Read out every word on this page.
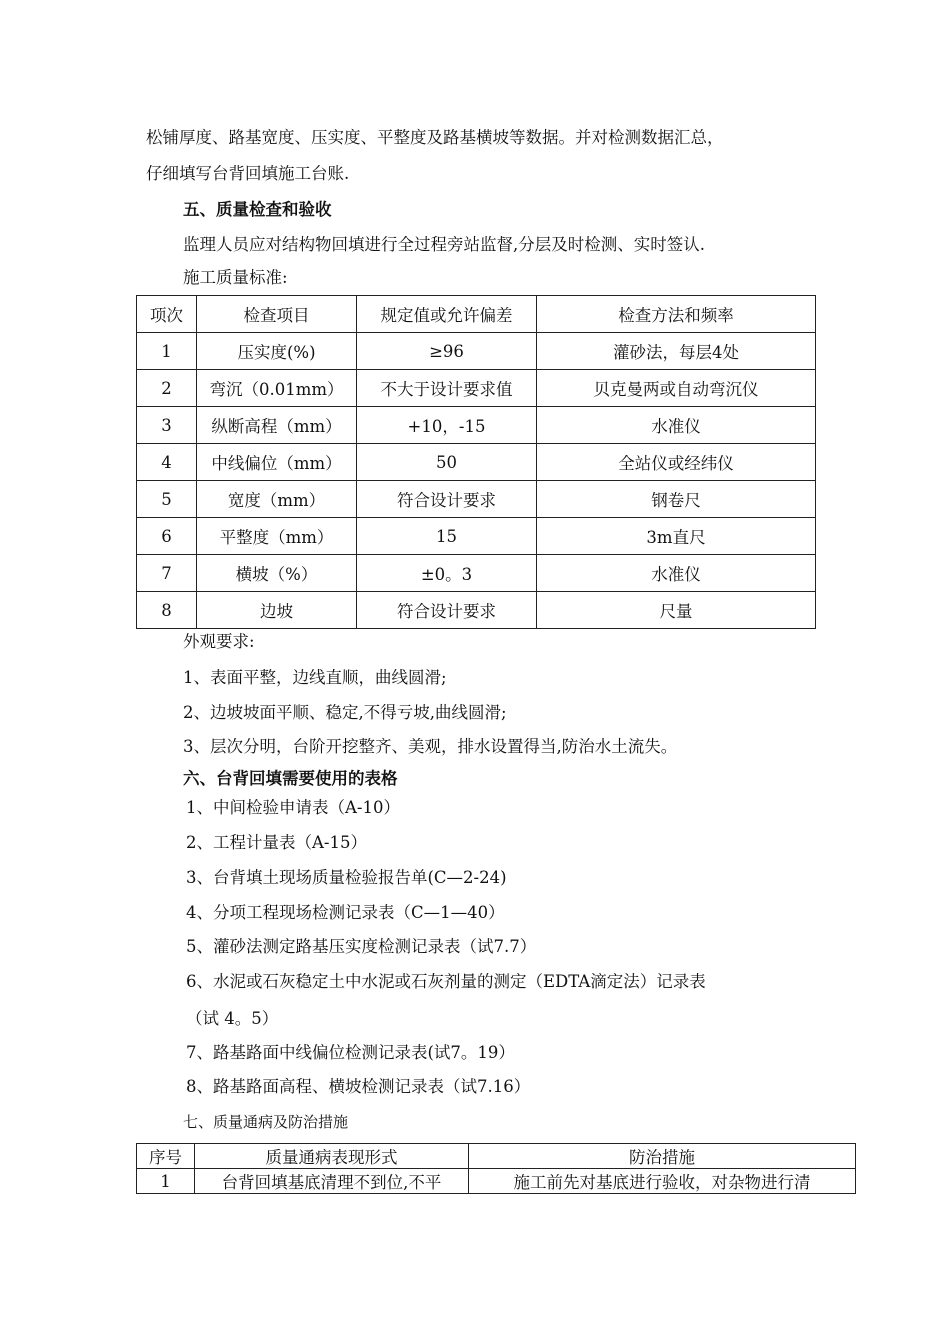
松铺厚度、路基宽度、压实度、平整度及路基横坡等数据。并对检测数据汇总，
仔细填写台背回填施工台账.
五、质量检查和验收
监理人员应对结构物回填进行全过程旁站监督,分层及时检测、实时签认.
施工质量标准:
项次	检查项目	规定值或允许偏差	检查方法和频率
1	压实度(%)	≥96	灌砂法，每层4处
2	弯沉（0.01mm）	不大于设计要求值	贝克曼两或自动弯沉仪
3	纵断高程（mm）	+10，-15	水准仪
4	中线偏位（mm）	50	全站仪或经纬仪
5	宽度（mm）	符合设计要求	钢卷尺
6	平整度（mm）	15	3m直尺
7	横坡（%）	±0。3	水准仪
8	边坡	符合设计要求	尺量
外观要求:
1、表面平整，边线直顺，曲线圆滑;
2、边坡坡面平顺、稳定,不得亏坡,曲线圆滑;
3、层次分明，台阶开挖整齐、美观，排水设置得当,防治水土流失。
六、台背回填需要使用的表格
1、中间检验申请表（A-10）
2、工程计量表（A-15）
3、台背填土现场质量检验报告单(C—2-24)
4、分项工程现场检测记录表（C—1—40）
5、灌砂法测定路基压实度检测记录表（试7.7）
6、水泥或石灰稳定土中水泥或石灰剂量的测定（EDTA滴定法）记录表
（试 4。5）
7、路基路面中线偏位检测记录表(试7。19）
8、路基路面高程、横坡检测记录表（试7.16）
七、质量通病及防治措施
序号	质量通病表现形式	防治措施
1	台背回填基底清理不到位,不平	施工前先对基底进行验收，对杂物进行清
